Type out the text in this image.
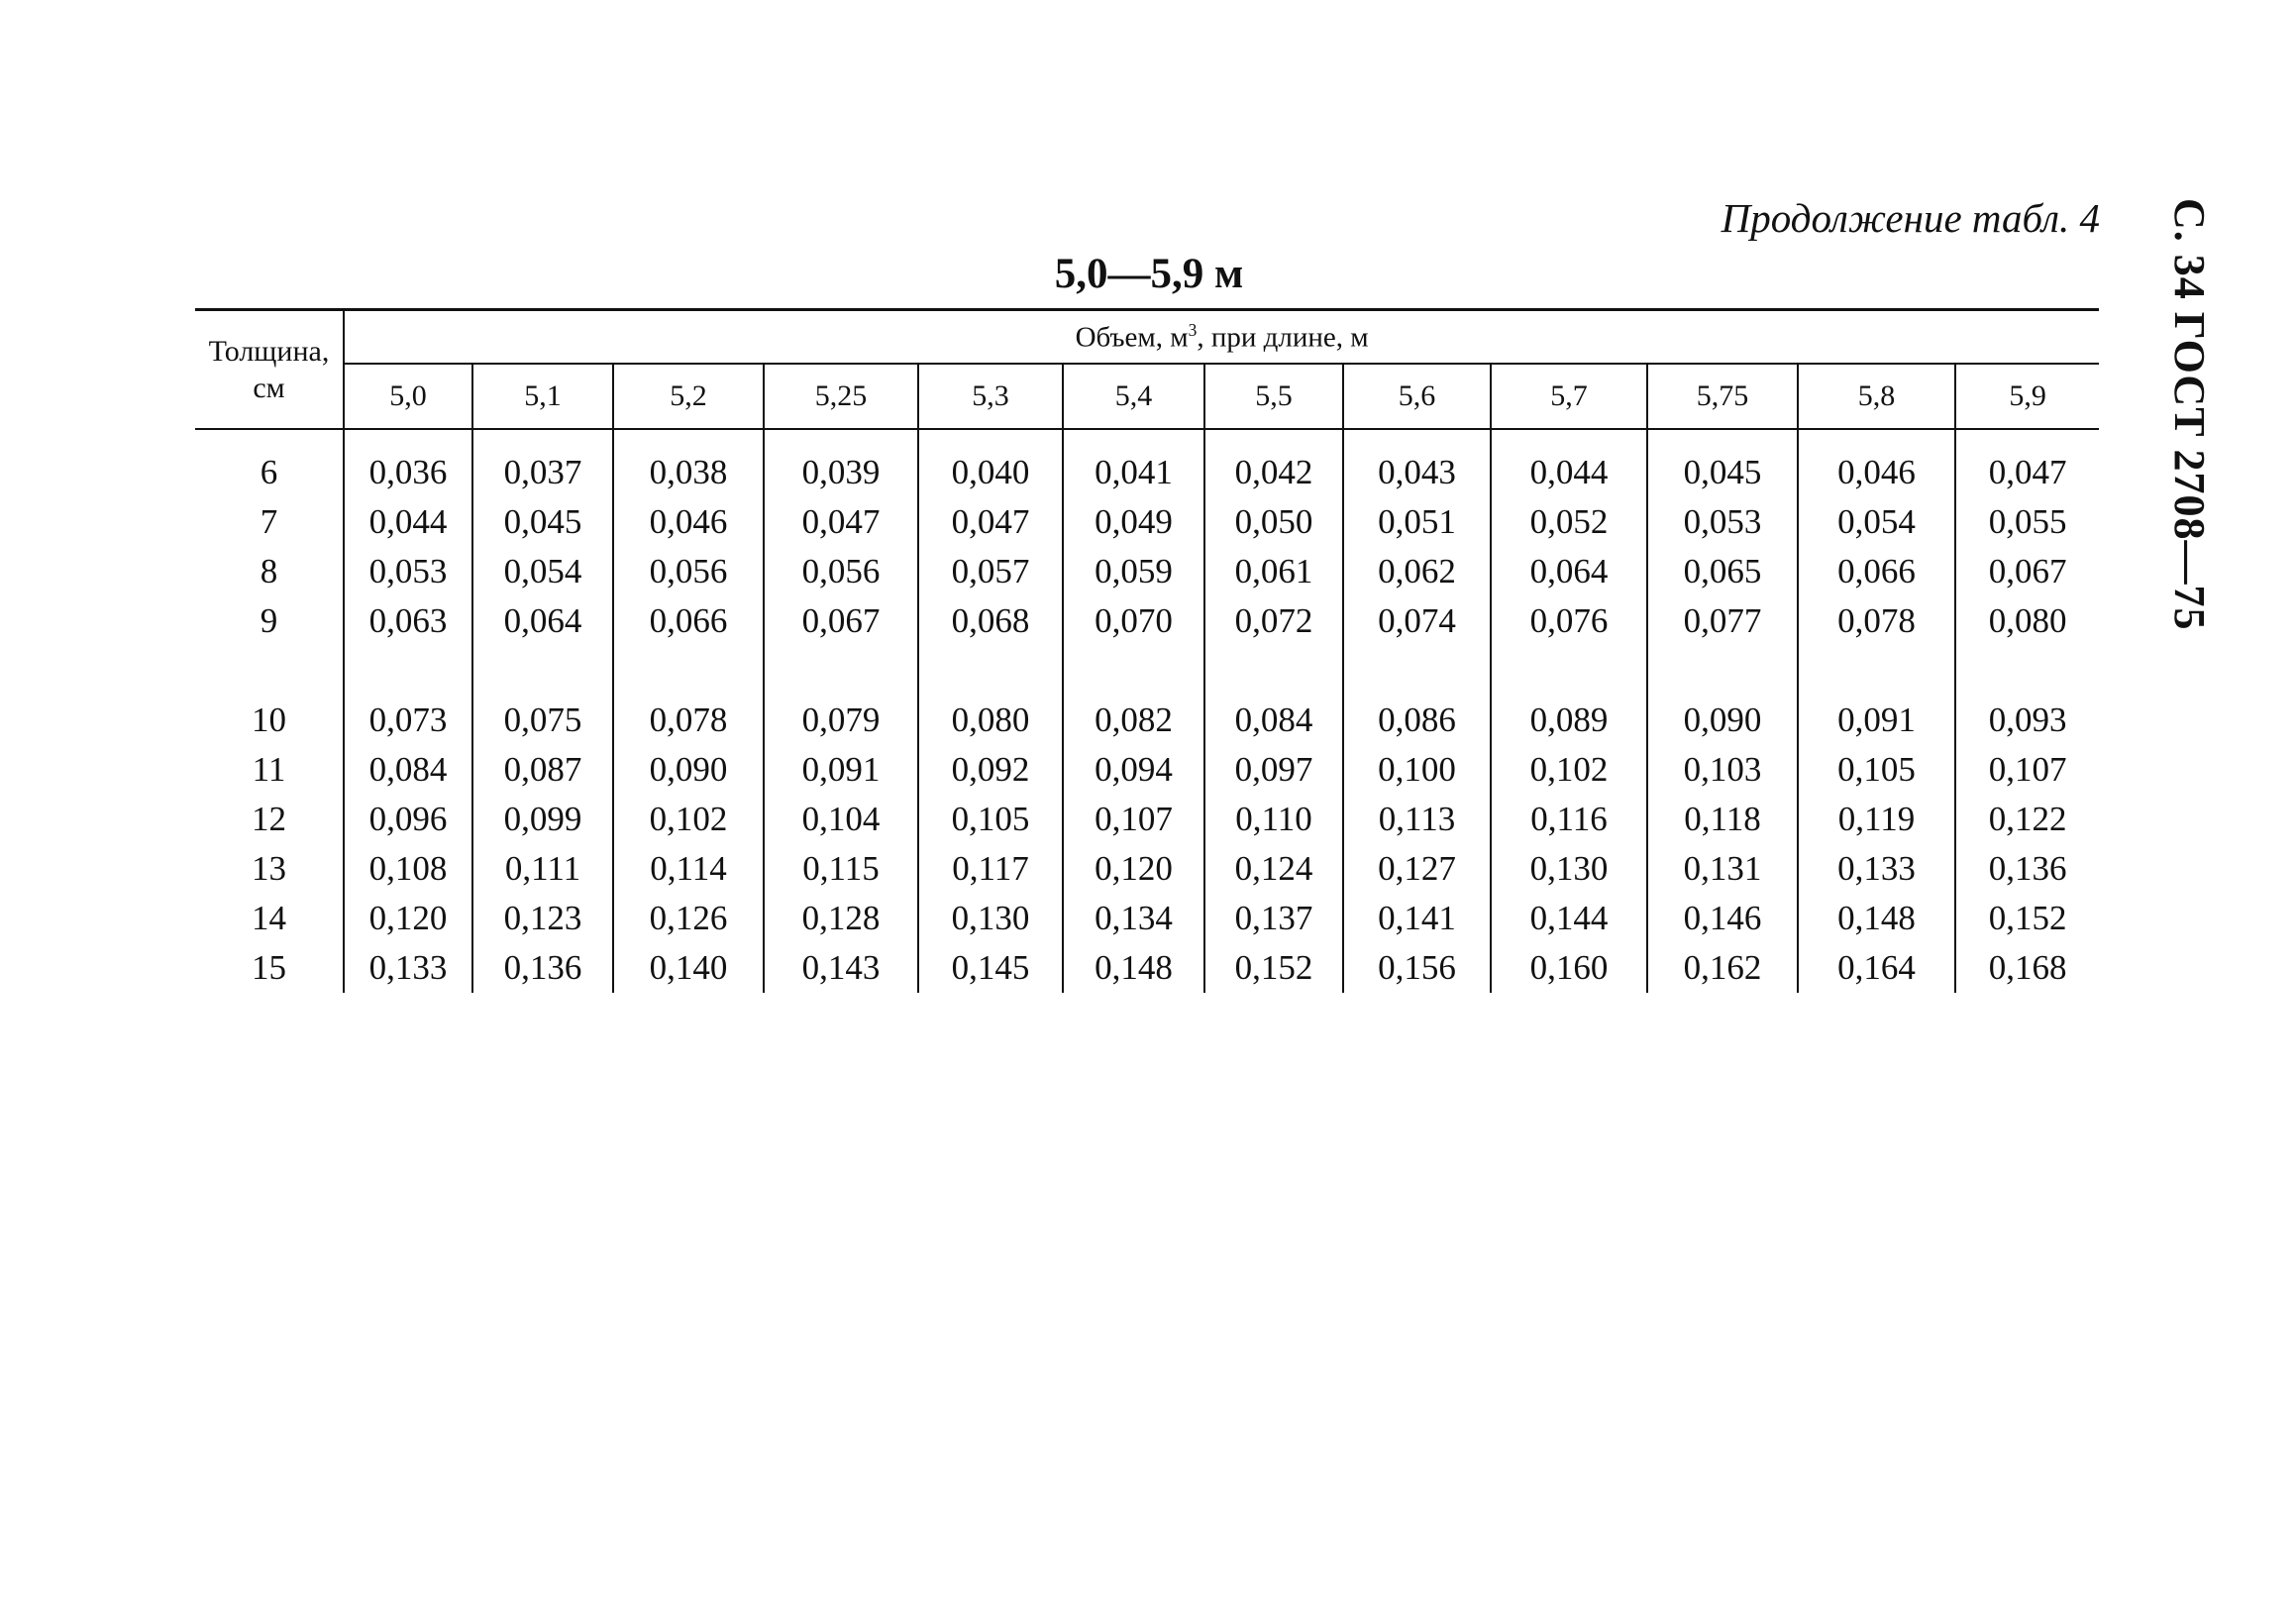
Продолжение табл. 4
5,0—5,9 м	С. 34 ГОСТ 2708—75
Толщина, см	Объем, $м^3$, при длине, м											
	5,0	5,1	5,2	5,25	5,3	5,4	5,5	5,6	5,7	5,75	5,8	5,9
6	0,036	0,037	0,038	0,039	0,040	0,041	0,042	0,043	0,044	0,045	0,046	0,047
7	0,044	0,045	0,046	0,047	0,047	0,049	0,050	0,051	0,052	0,053	0,054	0,055
8	0,053	0,054	0,056	0,056	0,057	0,059	0,061	0,062	0,064	0,065	0,066	0,067
9	0,063	0,064	0,066	0,067	0,068	0,070	0,072	0,074	0,076	0,077	0,078	0,080
10	0,073	0,075	0,078	0,079	0,080	0,082	0,084	0,086	0,089	0,090	0,091	0,093
11	0,084	0,087	0,090	0,091	0,092	0,094	0,097	0,100	0,102	0,103	0,105	0,107
12	0,096	0,099	0,102	0,104	0,105	0,107	0,110	0,113	0,116	0,118	0,119	0,122
13	0,108	0,111	0,114	0,115	0,117	0,120	0,124	0,127	0,130	0,131	0,133	0,136
14	0,120	0,123	0,126	0,128	0,130	0,134	0,137	0,141	0,144	0,146	0,148	0,152
15	0,133	0,136	0,140	0,143	0,145	0,148	0,152	0,156	0,160	0,162	0,164	0,168
